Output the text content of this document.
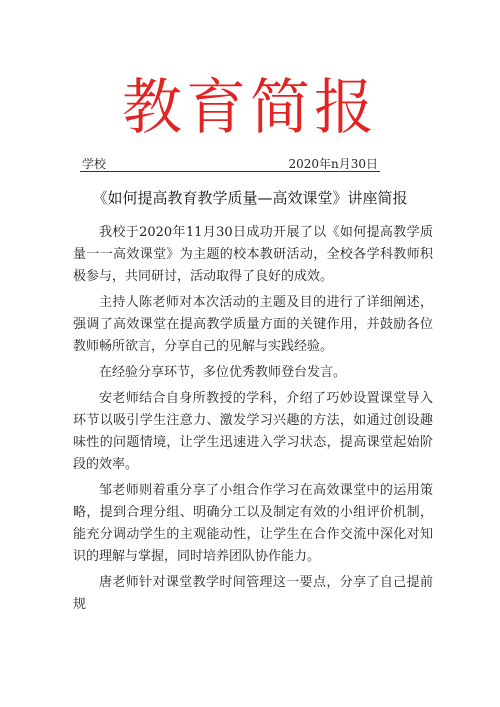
教育简报
学校	2020年n月30日
《如何提高教育教学质量—高效课堂》讲座简报

我校于2020年11月30日成功开展了以《如何提高教学质量一一高效课堂》为主题的校本教研活动，全校各学科教师积极参与，共同研讨，活动取得了良好的成效。

主持人陈老师对本次活动的主题及目的进行了详细阐述，强调了高效课堂在提高教学质量方面的关键作用，并鼓励各位教师畅所欲言，分享自己的见解与实践经验。

在经验分享环节，多位优秀教师登台发言。

安老师结合自身所教授的学科，介绍了巧妙设置课堂导入环节以吸引学生注意力、激发学习兴趣的方法，如通过创设趣味性的问题情境，让学生迅速进入学习状态，提高课堂起始阶段的效率。

邹老师则着重分享了小组合作学习在高效课堂中的运用策略，提到合理分组、明确分工以及制定有效的小组评价机制，能充分调动学生的主观能动性，让学生在合作交流中深化对知识的理解与掌握，同时培养团队协作能力。

唐老师针对课堂教学时间管理这一要点，分享了自己提前规
